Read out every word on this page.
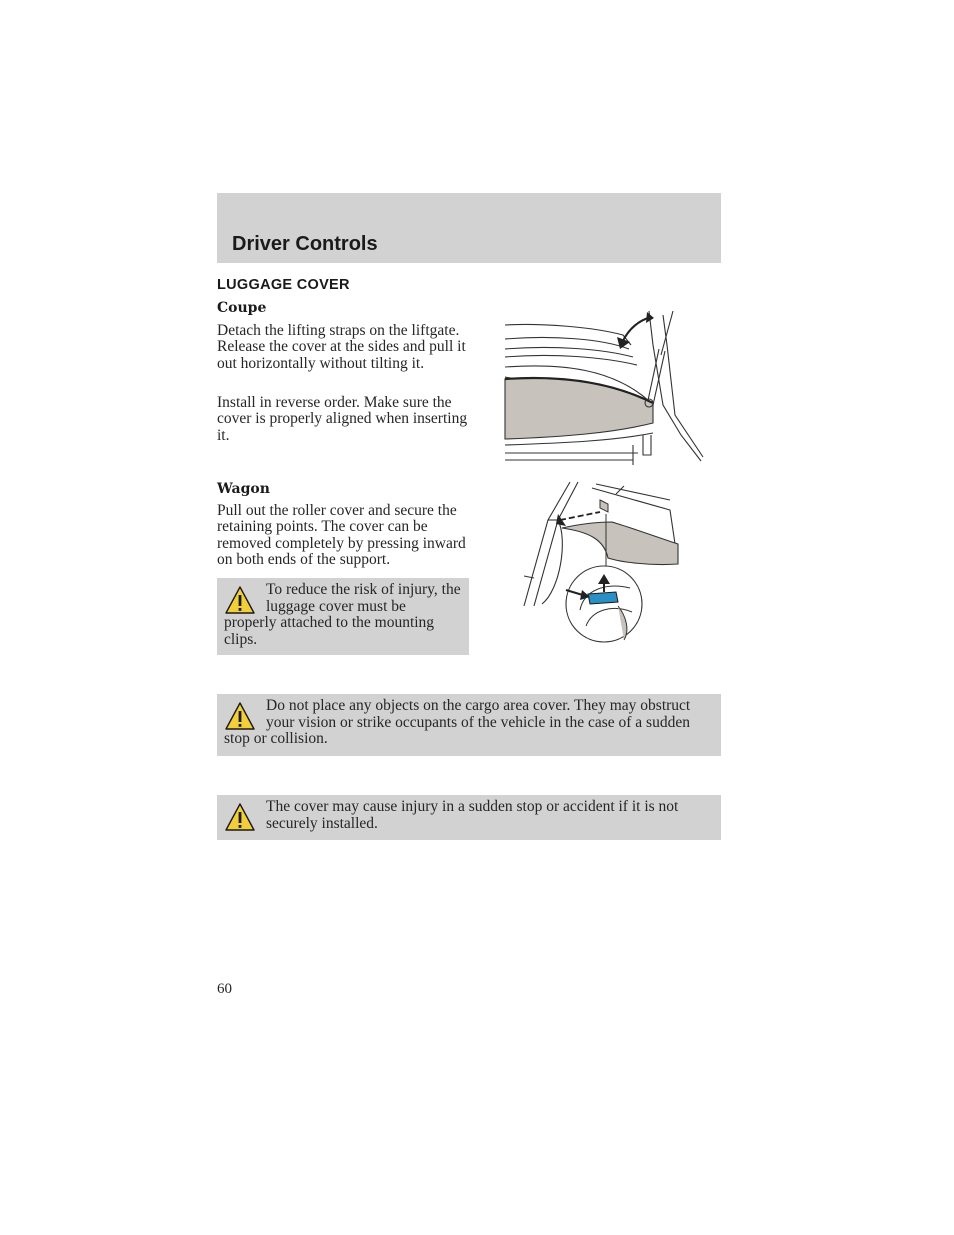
Driver Controls
LUGGAGE COVER
Coupe

Detach the lifting straps on the liftgate. Release the cover at the sides and pull it out horizontally without tilting it.

Install in reverse order. Make sure the cover is properly aligned when inserting it.

Wagon

Pull out the roller cover and secure the retaining points. The cover can be removed completely by pressing inward on both ends of the support.

To reduce the risk of injury, the luggage cover must be properly attached to the mounting clips.
Do not place any objects on the cargo area cover. They may obstruct your vision or strike occupants of the vehicle in the case of a sudden stop or collision.
The cover may cause injury in a sudden stop or accident if it is not securely installed.

60
